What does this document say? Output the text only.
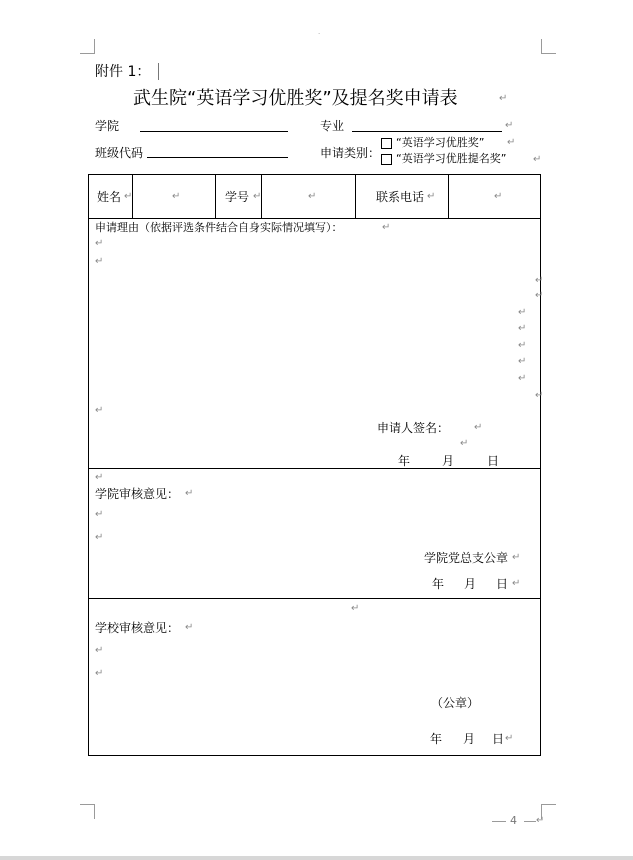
·
附件 1：
武生院“英语学习优胜奖”及提名奖申请表	↵
学院	专业	↵
班级代码	申请类别：
“英语学习优胜奖” ↵
“英语学习优胜提名奖”	↵
姓名 ↵	↵	学号 ↵	↵	联系电话 ↵	↵
申请理由（依据评选条件结合自身实际情况填写）：	↵
↵
↵
↵
↵
↵
↵
↵
↵
↵
↵
↵
申请人签名： ↵
↵
年	月	日
↵
学院审核意见： ↵
↵
↵
学院党总支公章 ↵
年 月 日 ↵
↵
学校审核意见： ↵
↵
↵
（公章）
年 月 日 ↵
4 ↵
